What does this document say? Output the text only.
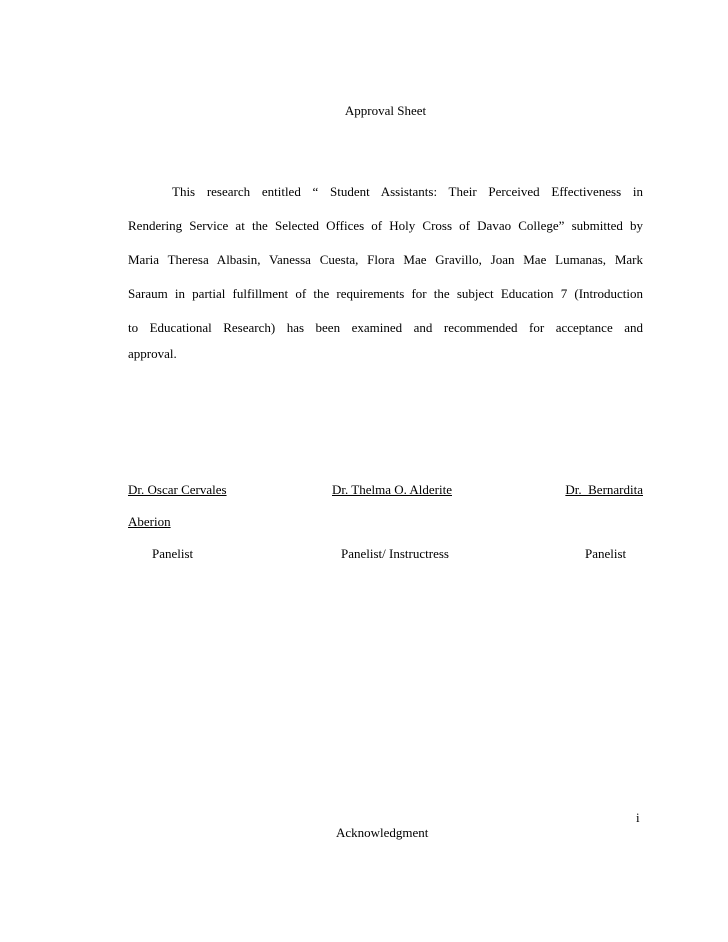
Approval Sheet
This research entitled “ Student Assistants: Their Perceived Effectiveness in
Rendering Service at the Selected Offices of Holy Cross of Davao College” submitted by
Maria Theresa Albasin, Vanessa Cuesta, Flora Mae Gravillo, Joan Mae Lumanas, Mark
Saraum in partial fulfillment of the requirements for the subject Education 7 (Introduction
to Educational Research) has been examined and recommended for acceptance and
approval.
Dr. Oscar Cervales	Dr. Thelma O. Alderite	Dr.  Bernardita
Aberion
Panelist	Panelist/ Instructress	Panelist
i
Acknowledgment
